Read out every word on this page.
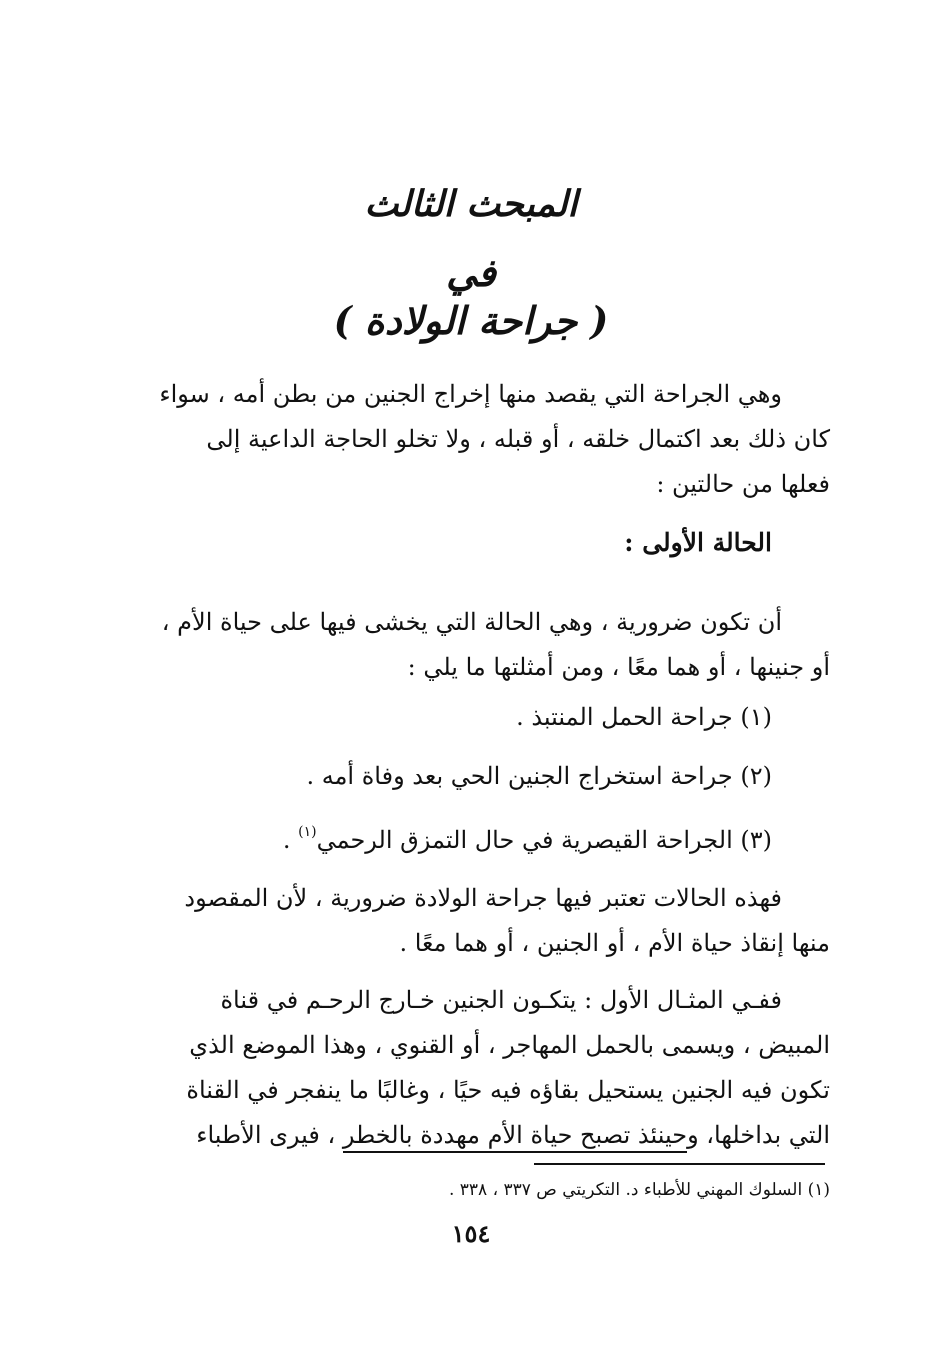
المبحث الثالث
في
( جراحة الولادة )
وهي الجراحة التي يقصد منها إخراج الجنين من بطن أمه ، سواء
كان ذلك بعد اكتمال خلقه ، أو قبله ، ولا تخلو الحاجة الداعية إلى
فعلها من حالتين :
الحالة الأولى :
أن تكون ضرورية ، وهي الحالة التي يخشى فيها على حياة الأم ،
أو جنينها ، أو هما معًا ، ومن أمثلتها ما يلي :
(١) جراحة الحمل المنتبذ .
(٢) جراحة استخراج الجنين الحي بعد وفاة أمه .
(٣) الجراحة القيصرية في حال التمزق الرحمي$^{(١)}$ .
فهذه الحالات تعتبر فيها جراحة الولادة ضرورية ، لأن المقصود
منها إنقاذ حياة الأم ، أو الجنين ، أو هما معًا .
ففـي المثـال الأول : يتكـون الجنين خـارج الرحـم في قناة
المبيض ، ويسمى بالحمل المهاجر ، أو القنوي ، وهذا الموضع الذي
تكون فيه الجنين يستحيل بقاؤه فيه حيًا ، وغالبًا ما ينفجر في القناة
التي بداخلها، وحينئذ تصبح حياة الأم مهددة بالخطر ، فيرى الأطباء
(١) السلوك المهني للأطباء د. التكريتي ص ٣٣٧ ، ٣٣٨ .
١٥٤
